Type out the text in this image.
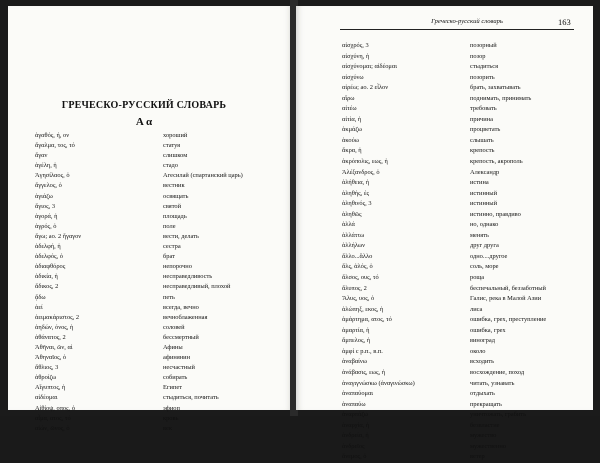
ГРЕЧЕСКО-РУССКИЙ СЛОВАРЬ
Α α
ἀγαθός, ή, ον	хороший
ἄγαλμα, τος, τό	статуя
ἄγαν	слишком
ἀγέλη, ἡ	стадо
Ἀγησίλαος, ὁ	Агесилай (спартанский царь)
ἄγγελος, ὁ	вестник
ἁγιάζω	освящать
ἅγιος, 3	святой
ἀγορά, ἡ	площадь
ἀγρός, ὁ	поле
ἄγω; ao. 2 ἤγαγον	вести, делать
ἀδελφή, ἡ	сестра
ἀδελφός, ὁ	брат
ἀδιαφθόρος	непорочно
ἀδικία, ἡ	несправедливость
ἄδικος, 2	несправедливый, плохой
ᾄδω	петь
ἀεί	всегда, вечно
ἀειμακάριστος, 2	вечноблаженная
ἀηδών, όνος, ἡ	соловей
ἀθάνατος, 2	бессмертный
Ἀθῆναι, ῶν, αἱ	Афины
Ἀθηναῖος, ὁ	афинянин
ἄθλιος, 3	несчастный
ἀθροίζω	собирать
Αἴγυπτος, ἡ	Египет
αἰδέομαι	стыдиться, почитать
Αἰθίοψ, οπος, ὁ	эфиоп
αἷμα, ατος, τό	кровь
αἰών, ῶνος, ὁ	век

Греческо-русский словарь	163
αἰσχρός, 3	позорный
αἰσχύνη, ἡ	позор
αἰσχύνομαι; αἰδέομαι	стыдиться
αἰσχύνω	позорить
αἱρέω; ao. 2 εἷλον	брать, захватывать
αἴρω	поднимать, принимать
αἰτέω	требовать
αἰτία, ἡ	причина
ἀκμάζω	процветать
ἀκούω	слышать
ἄκρα, ἡ	крепость
ἀκρόπολις, εως, ἡ	крепость, акрополь
Ἀλέξανδρος, ὁ	Александр
ἀλήθεια, ἡ	истина
ἀληθής, ές	истинный
ἀληθινός, 3	истинный
ἀληθῶς	истинно, правдиво
ἀλλά	но, однако
ἀλλάττω	менять
ἀλλήλων	друг друга
ἄλλο...ἄλλο	одно....другое
ἅλς, ἁλός, ὁ	соль, море
ἄλσος, ους, τό	роща
ἄλυπος, 2	беспечальный, беззаботный
Ἅλυς, υος, ὁ	Галис, река в Малой Азии
ἀλώπηξ, εκος, ἡ	лиса
ἁμάρτημα, ατος, τό	ошибка, грех, преступление
ἁμαρτία, ἡ	ошибка, грех
ἄμπελος, ἡ	виноград
ἀμφί с р.п., в.п.	около
ἀναβαίνω	всходить
ἀνάβασις, εως, ἡ	восхождение, поход
ἀναγιγνώσκω (ἀναγινώσκω)	читать, узнавать
ἀναπαύομαι	отдыхать
ἀναπαύω	прекращать
ἀναρπάζω	уничтожать, грабить
ἀναρχία, ἡ	безвластие
ἀνδρεία, ἡ	мужество
ἀνδρεῖος	мужественно
ἄνεμος, ὁ	ветер
